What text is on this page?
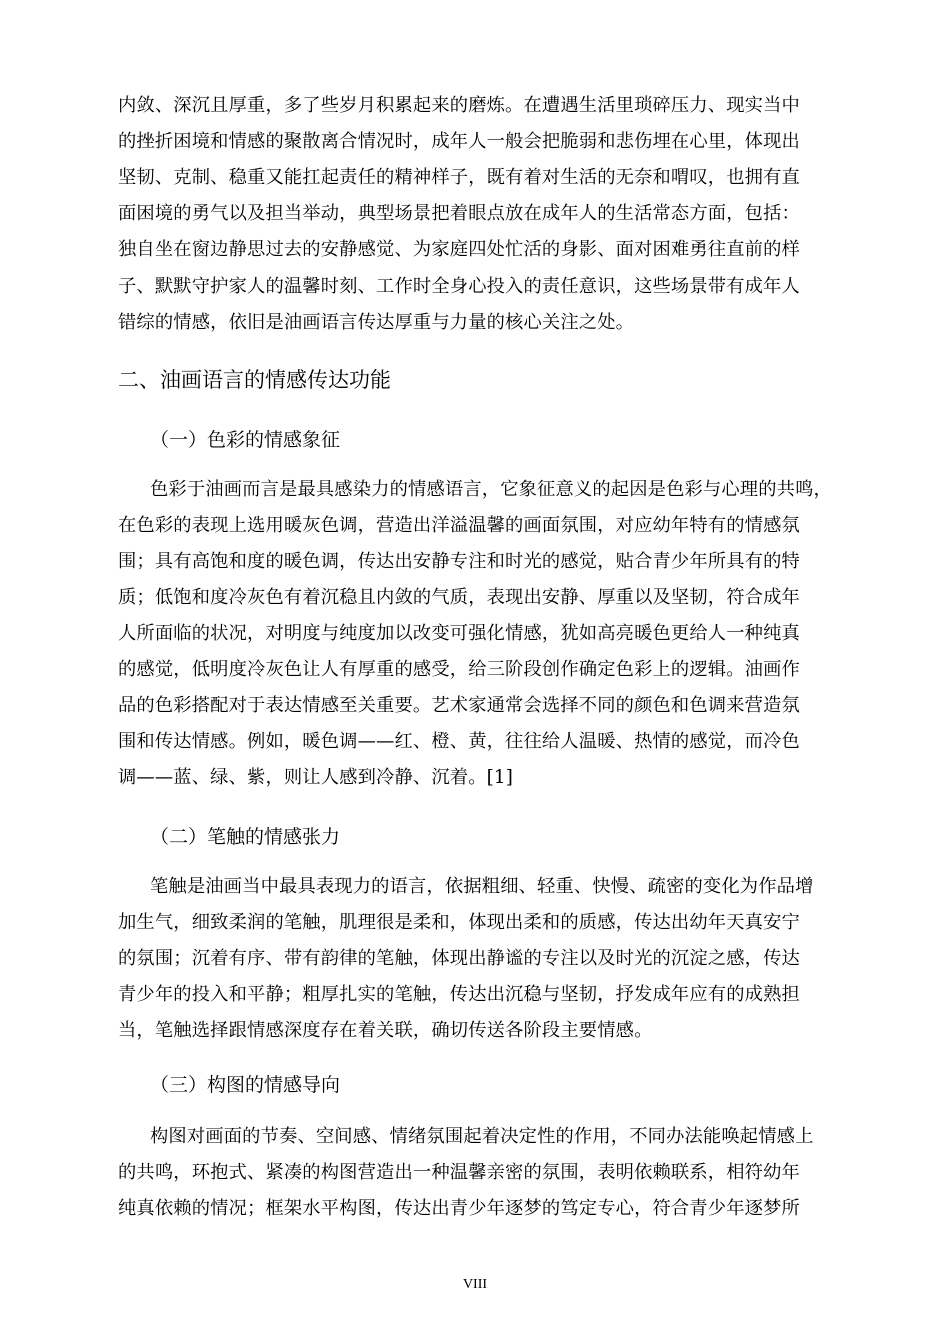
内敛、深沉且厚重，多了些岁月积累起来的磨炼。在遭遇生活里琐碎压力、现实当中
的挫折困境和情感的聚散离合情况时，成年人一般会把脆弱和悲伤埋在心里，体现出
坚韧、克制、稳重又能扛起责任的精神样子，既有着对生活的无奈和喟叹，也拥有直
面困境的勇气以及担当举动，典型场景把着眼点放在成年人的生活常态方面，包括：
独自坐在窗边静思过去的安静感觉、为家庭四处忙活的身影、面对困难勇往直前的样
子、默默守护家人的温馨时刻、工作时全身心投入的责任意识，这些场景带有成年人
错综的情感，依旧是油画语言传达厚重与力量的核心关注之处。
二、油画语言的情感传达功能
（一）色彩的情感象征
色彩于油画而言是最具感染力的情感语言，它象征意义的起因是色彩与心理的共鸣，
在色彩的表现上选用暖灰色调，营造出洋溢温馨的画面氛围，对应幼年特有的情感氛
围；具有高饱和度的暖色调，传达出安静专注和时光的感觉，贴合青少年所具有的特
质；低饱和度冷灰色有着沉稳且内敛的气质，表现出安静、厚重以及坚韧，符合成年
人所面临的状况，对明度与纯度加以改变可强化情感，犹如高亮暖色更给人一种纯真
的感觉，低明度冷灰色让人有厚重的感受，给三阶段创作确定色彩上的逻辑。油画作
品的色彩搭配对于表达情感至关重要。艺术家通常会选择不同的颜色和色调来营造氛
围和传达情感。例如，暖色调——红、橙、黄，往往给人温暖、热情的感觉，而冷色
调——蓝、绿、紫，则让人感到冷静、沉着。[1]
（二）笔触的情感张力
笔触是油画当中最具表现力的语言，依据粗细、轻重、快慢、疏密的变化为作品增
加生气，细致柔润的笔触，肌理很是柔和，体现出柔和的质感，传达出幼年天真安宁
的氛围；沉着有序、带有韵律的笔触，体现出静谧的专注以及时光的沉淀之感，传达
青少年的投入和平静；粗厚扎实的笔触，传达出沉稳与坚韧，抒发成年应有的成熟担
当，笔触选择跟情感深度存在着关联，确切传送各阶段主要情感。
（三）构图的情感导向
构图对画面的节奏、空间感、情绪氛围起着决定性的作用，不同办法能唤起情感上
的共鸣，环抱式、紧凑的构图营造出一种温馨亲密的氛围，表明依赖联系，相符幼年
纯真依赖的情况；框架水平构图，传达出青少年逐梦的笃定专心，符合青少年逐梦所
VIII
